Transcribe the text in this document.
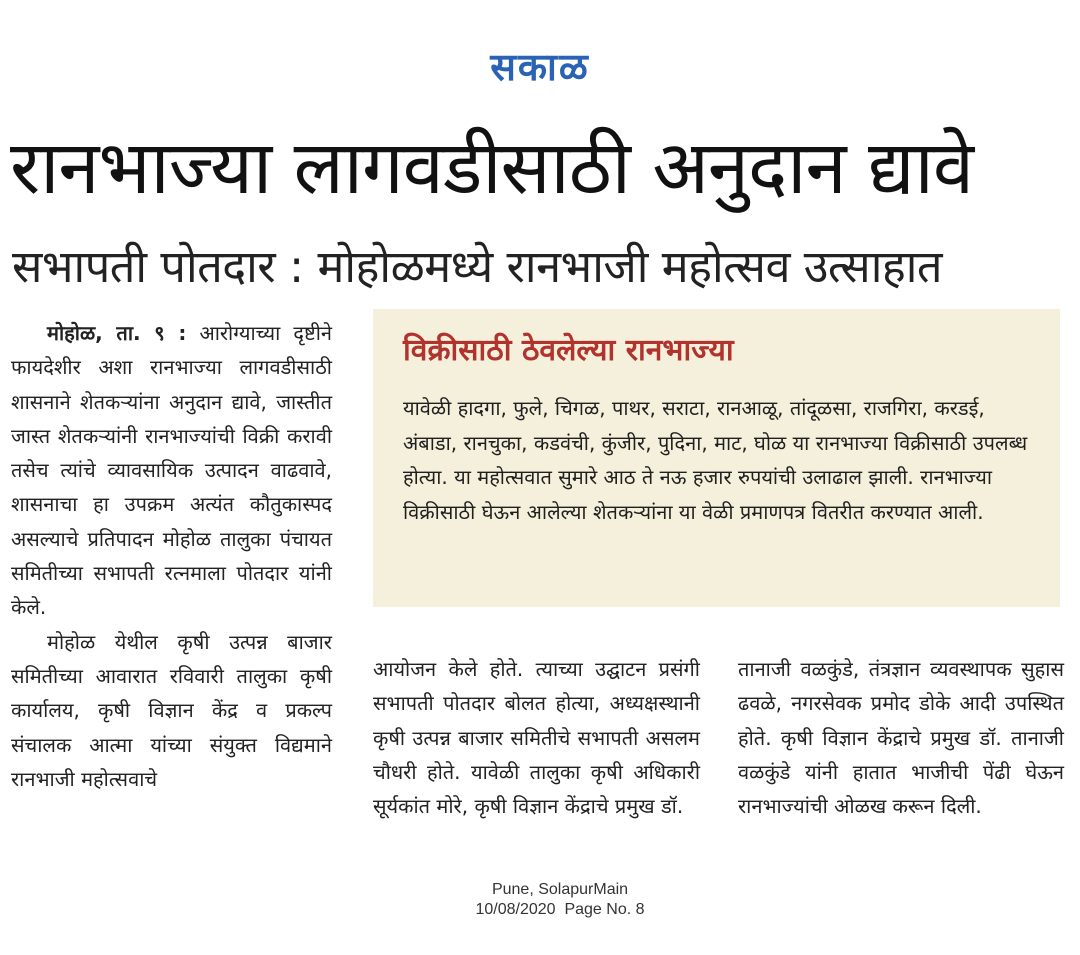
सकाळ
रानभाज्या लागवडीसाठी अनुदान द्यावे
सभापती पोतदार : मोहोळमध्ये रानभाजी महोत्सव उत्साहात

मोहोळ, ता. ९ : आरोग्याच्या दृष्टीने फायदेशीर अशा रानभाज्या लागवडीसाठी शासनाने शेतकऱ्यांना अनुदान द्यावे, जास्तीत जास्त शेतकऱ्यांनी रानभाज्यांची विक्री करावी तसेच त्यांचे व्यावसायिक उत्पादन वाढवावे, शासनाचा हा उपक्रम अत्यंत कौतुकास्पद असल्याचे प्रतिपादन मोहोळ तालुका पंचायत समितीच्या सभापती रत्नमाला पोतदार यांनी केले.

मोहोळ येथील कृषी उत्पन्न बाजार समितीच्या आवारात रविवारी तालुका कृषी कार्यालय, कृषी विज्ञान केंद्र व प्रकल्प संचालक आत्मा यांच्या संयुक्त विद्यमाने रानभाजी महोत्सवाचे

विक्रीसाठी ठेवलेल्या रानभाज्या
यावेळी हादगा, फुले, चिगळ, पाथर, सराटा, रानआळू, तांदूळसा, राजगिरा, करडई, अंबाडा, रानचुका, कडवंची, कुंजीर, पुदिना, माट, घोळ या रानभाज्या विक्रीसाठी उपलब्ध होत्या. या महोत्सवात सुमारे आठ ते नऊ हजार रुपयांची उलाढाल झाली. रानभाज्या विक्रीसाठी घेऊन आलेल्या शेतकऱ्यांना या वेळी प्रमाणपत्र वितरीत करण्यात आली.

आयोजन केले होते. त्याच्या उद्घाटन प्रसंगी सभापती पोतदार बोलत होत्या, अध्यक्षस्थानी कृषी उत्पन्न बाजार समितीचे सभापती असलम चौधरी होते. यावेळी तालुका कृषी अधिकारी सूर्यकांत मोरे, कृषी विज्ञान केंद्राचे प्रमुख डॉ.

तानाजी वळकुंडे, तंत्रज्ञान व्यवस्थापक सुहास ढवळे, नगरसेवक प्रमोद डोके आदी उपस्थित होते. कृषी विज्ञान केंद्राचे प्रमुख डॉ. तानाजी वळकुंडे यांनी हातात भाजीची पेंढी घेऊन रानभाज्यांची ओळख करून दिली.

Pune, SolapurMain
10/08/2020  Page No. 8
